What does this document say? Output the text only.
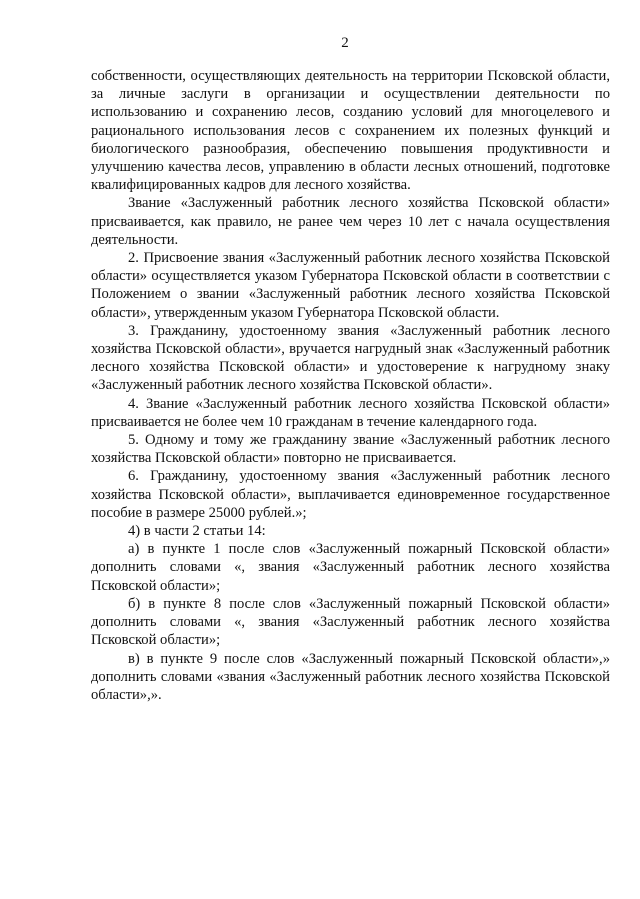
2

собственности, осуществляющих деятельность на территории Псковской области, за личные заслуги в организации и осуществлении деятельности по использованию и сохранению лесов, созданию условий для многоцелевого и рационального использования лесов с сохранением их полезных функций и биологического разнообразия, обеспечению повышения продуктивности и улучшению качества лесов, управлению в области лесных отношений, подготовке квалифицированных кадров для лесного хозяйства.

Звание «Заслуженный работник лесного хозяйства Псковской области» присваивается, как правило, не ранее чем через 10 лет с начала осуществления деятельности.

2. Присвоение звания «Заслуженный работник лесного хозяйства Псковской области» осуществляется указом Губернатора Псковской области в соответствии с Положением о звании «Заслуженный работник лесного хозяйства Псковской области», утвержденным указом Губернатора Псковской области.

3. Гражданину, удостоенному звания «Заслуженный работник лесного хозяйства Псковской области», вручается нагрудный знак «Заслуженный работник лесного хозяйства Псковской области» и удостоверение к нагрудному знаку «Заслуженный работник лесного хозяйства Псковской области».

4. Звание «Заслуженный работник лесного хозяйства Псковской области» присваивается не более чем 10 гражданам в течение календарного года.

5. Одному и тому же гражданину звание «Заслуженный работник лесного хозяйства Псковской области» повторно не присваивается.

6. Гражданину, удостоенному звания «Заслуженный работник лесного хозяйства Псковской области», выплачивается единовременное государственное пособие в размере 25000 рублей.»;

4) в части 2 статьи 14:

а) в пункте 1 после слов «Заслуженный пожарный Псковской области» дополнить словами «, звания «Заслуженный работник лесного хозяйства Псковской области»;

б) в пункте 8 после слов «Заслуженный пожарный Псковской области» дополнить словами «, звания «Заслуженный работник лесного хозяйства Псковской области»;

в) в пункте 9 после слов «Заслуженный пожарный Псковской области»,» дополнить словами «звания «Заслуженный работник лесного хозяйства Псковской области»,».
